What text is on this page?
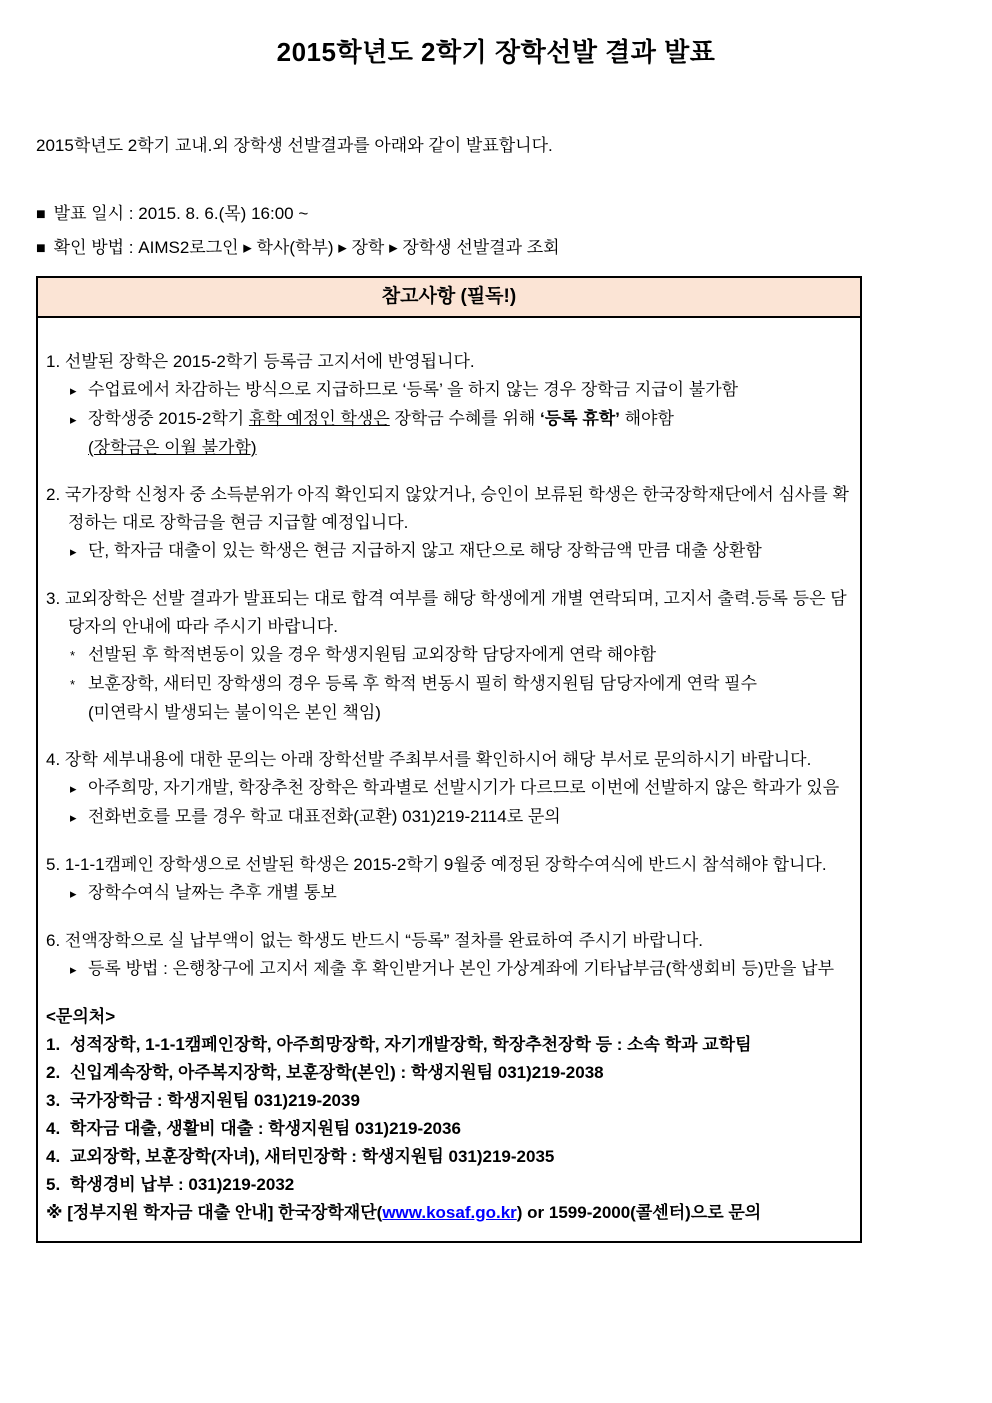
2015학년도 2학기 장학선발 결과 발표

2015학년도 2학기 교내.외 장학생 선발결과를 아래와 같이 발표합니다.

■ 발표 일시 : 2015. 8. 6.(목) 16:00 ~

■ 확인 방법 : AIMS2로그인 ▸ 학사(학부) ▸ 장학 ▸ 장학생 선발결과 조회

참고사항 (필독!)

1. 선발된 장학은 2015-2학기 등록금 고지서에 반영됩니다.

▸ 수업료에서 차감하는 방식으로 지급하므로 ‘등록’ 을 하지 않는 경우 장학금 지급이 불가함

▸ 장학생중 2015-2학기 휴학 예정인 학생은 장학금 수혜를 위해 ‘등록 휴학’ 해야함

(장학금은 이월 불가함)

2. 국가장학 신청자 중 소득분위가 아직 확인되지 않았거나, 승인이 보류된 학생은 한국장학재단에서 심사를 확정하는 대로 장학금을 현금 지급할 예정입니다.

▸ 단, 학자금 대출이 있는 학생은 현금 지급하지 않고 재단으로 해당 장학금액 만큼 대출 상환함

3. 교외장학은 선발 결과가 발표되는 대로 합격 여부를 해당 학생에게 개별 연락되며, 고지서 출력.등록 등은 담당자의 안내에 따라 주시기 바랍니다.

* 선발된 후 학적변동이 있을 경우 학생지원팀 교외장학 담당자에게 연락 해야함

* 보훈장학, 새터민 장학생의 경우 등록 후 학적 변동시 필히 학생지원팀 담당자에게 연락 필수

(미연락시 발생되는 불이익은 본인 책임)

4. 장학 세부내용에 대한 문의는 아래 장학선발 주최부서를 확인하시어 해당 부서로 문의하시기 바랍니다.

▸ 아주희망, 자기개발, 학장추천 장학은 학과별로 선발시기가 다르므로 이번에 선발하지 않은 학과가 있음

▸ 전화번호를 모를 경우 학교 대표전화(교환) 031)219-2114로 문의

5. 1-1-1캠페인 장학생으로 선발된 학생은 2015-2학기 9월중 예정된 장학수여식에 반드시 참석해야 합니다.

▸ 장학수여식 날짜는 추후 개별 통보

6. 전액장학으로 실 납부액이 없는 학생도 반드시 “등록” 절차를 완료하여 주시기 바랍니다.

▸ 등록 방법 : 은행창구에 고지서 제출 후 확인받거나 본인 가상계좌에 기타납부금(학생회비 등)만을 납부

<문의처>

1. 성적장학, 1-1-1캠페인장학, 아주희망장학, 자기개발장학, 학장추천장학 등 : 소속 학과 교학팀

2. 신입계속장학, 아주복지장학, 보훈장학(본인) : 학생지원팀 031)219-2038

3. 국가장학금 : 학생지원팀 031)219-2039

4. 학자금 대출, 생활비 대출 : 학생지원팀 031)219-2036

4. 교외장학, 보훈장학(자녀), 새터민장학 : 학생지원팀 031)219-2035

5. 학생경비 납부 : 031)219-2032

※ [정부지원 학자금 대출 안내] 한국장학재단(www.kosaf.go.kr) or 1599-2000(콜센터)으로 문의
